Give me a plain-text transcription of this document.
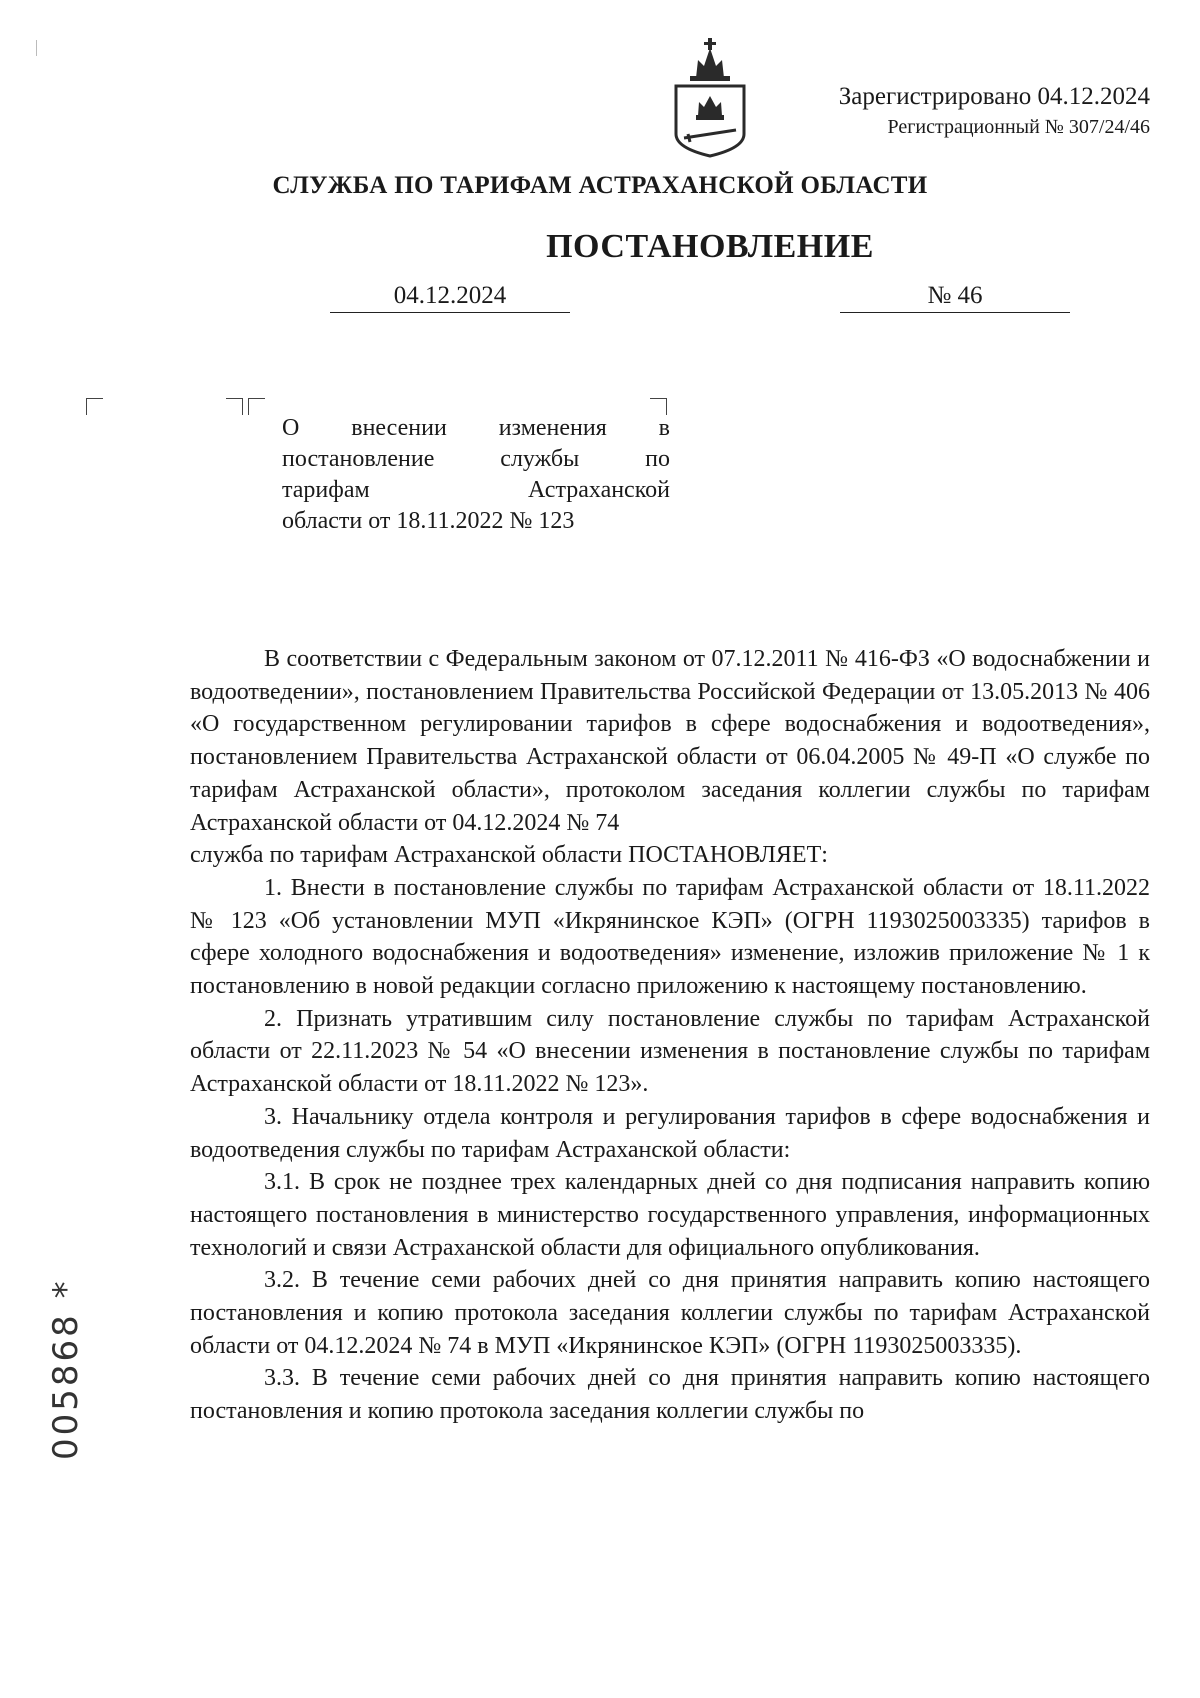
Зарегистрировано 04.12.2024
Регистрационный № 307/24/46
СЛУЖБА ПО ТАРИФАМ АСТРАХАНСКОЙ ОБЛАСТИ
ПОСТАНОВЛЕНИЕ
04.12.2024	№ 46
О внесении изменения в
постановление службы по
тарифам Астраханской
области от 18.11.2022 № 123

В соответствии с Федеральным законом от 07.12.2011 № 416-ФЗ «О водоснабжении и водоотведении», постановлением Правительства Российской Федерации от 13.05.2013 № 406 «О государственном регулировании тарифов в сфере водоснабжения и водоотведения», постановлением Правительства Астраханской области от 06.04.2005 № 49-П «О службе по тарифам Астраханской области», протоколом заседания коллегии службы по тарифам Астраханской области от 04.12.2024 № 74

служба по тарифам Астраханской области ПОСТАНОВЛЯЕТ:

1. Внести в постановление службы по тарифам Астраханской области от 18.11.2022 № 123 «Об установлении МУП «Икрянинское КЭП» (ОГРН 1193025003335) тарифов в сфере холодного водоснабжения и водоотведения» изменение, изложив приложение № 1 к постановлению в новой редакции согласно приложению к настоящему постановлению.

2. Признать утратившим силу постановление службы по тарифам Астраханской области от 22.11.2023 № 54 «О внесении изменения в постановление службы по тарифам Астраханской области от 18.11.2022 № 123».

3. Начальнику отдела контроля и регулирования тарифов в сфере водоснабжения и водоотведения службы по тарифам Астраханской области:

3.1. В срок не позднее трех календарных дней со дня подписания направить копию настоящего постановления в министерство государственного управления, информационных технологий и связи Астраханской области для официального опубликования.

3.2. В течение семи рабочих дней со дня принятия направить копию настоящего постановления и копию протокола заседания коллегии службы по тарифам Астраханской области от 04.12.2024 № 74 в МУП «Икрянинское КЭП» (ОГРН 1193025003335).

3.3. В течение семи рабочих дней со дня принятия направить копию настоящего постановления и копию протокола заседания коллегии службы по

005868 *
